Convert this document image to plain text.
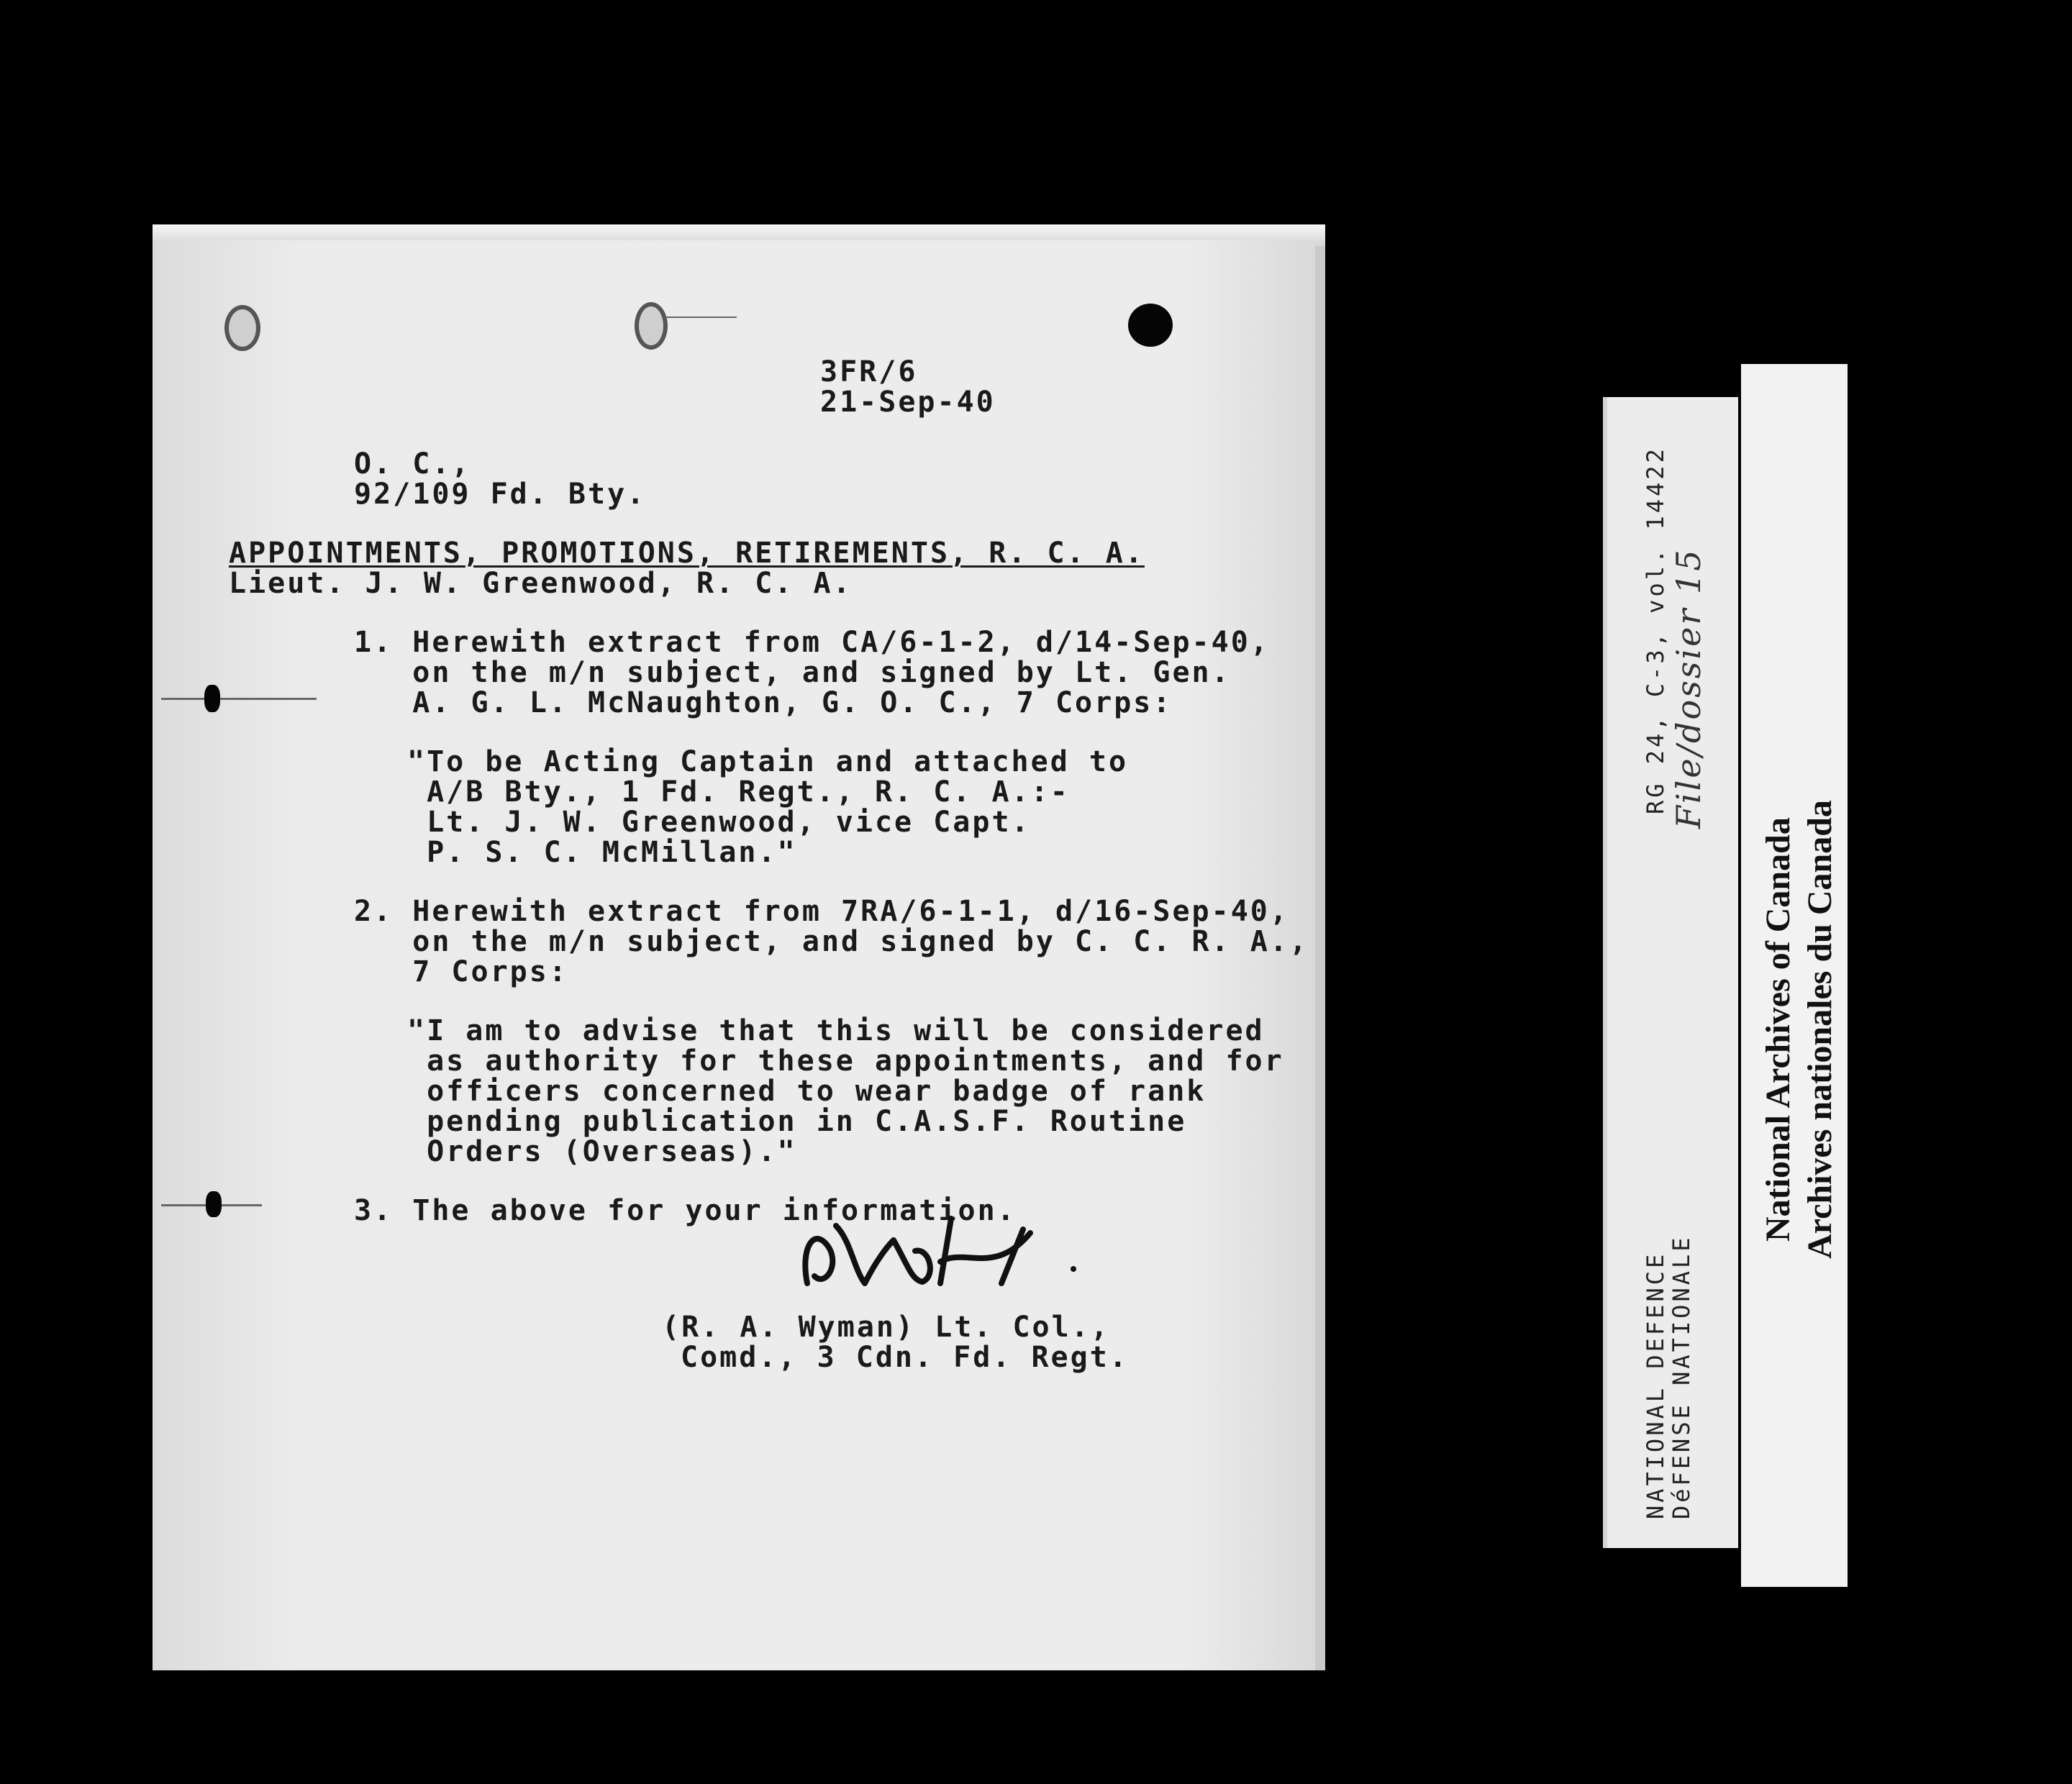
3FR/6
21-Sep-40
O. C.,
92/109 Fd. Bty.
APPOINTMENTS, PROMOTIONS, RETIREMENTS, R. C. A.
Lieut. J. W. Greenwood, R. C. A.
1. Herewith extract from CA/6-1-2, d/14-Sep-40,
on the m/n subject, and signed by Lt. Gen.
A. G. L. McNaughton, G. O. C., 7 Corps:
"To be Acting Captain and attached to
A/B Bty., 1 Fd. Regt., R. C. A.:-
Lt. J. W. Greenwood, vice Capt.
P. S. C. McMillan."
2. Herewith extract from 7RA/6-1-1, d/16-Sep-40,
on the m/n subject, and signed by C. C. R. A.,
7 Corps:
"I am to advise that this will be considered
as authority for these appointments, and for
officers concerned to wear badge of rank
pending publication in C.A.S.F. Routine
Orders (Overseas)."
3. The above for your information.
(R. A. Wyman) Lt. Col.,
Comd., 3 Cdn. Fd. Regt.
RG 24, C-3, vol. 14422 File/dossier 15
NATIONAL DEFENCE
DéFENSE NATIONALE
National Archives of Canada Archives nationales du Canada
